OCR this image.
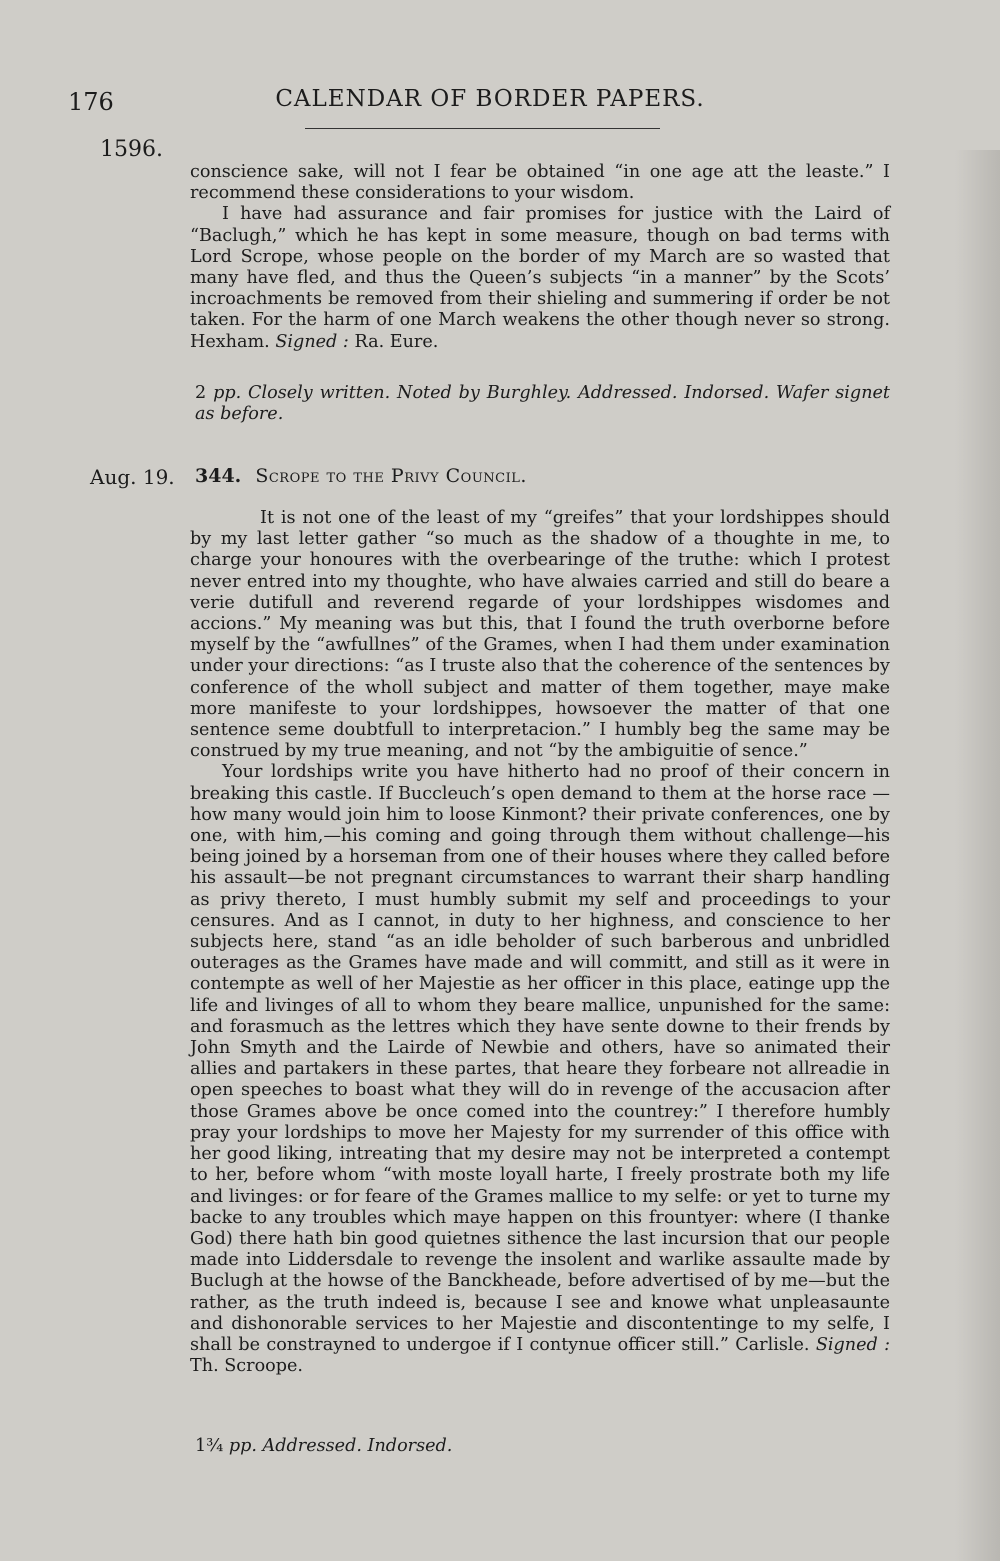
176	CALENDAR OF BORDER PAPERS.
1596.

conscience sake, will not I fear be obtained “in one age att the leaste.” I recommend these considerations to your wisdom.

I have had assurance and fair promises for justice with the Laird of “Baclugh,” which he has kept in some measure, though on bad terms with Lord Scrope, whose people on the border of my March are so wasted that many have fled, and thus the Queen’s subjects “in a manner” by the Scots’ incroachments be removed from their shieling and summering if order be not taken. For the harm of one March weakens the other though never so strong. Hexham. Signed : Ra. Eure.

2 pp. Closely written. Noted by Burghley. Addressed. Indorsed. Wafer signet as before.
Aug. 19. 344. Scrope to the Privy Council.

It is not one of the least of my “greifes” that your lordshippes should by my last letter gather “so much as the shadow of a thoughte in me, to charge your honoures with the overbearinge of the truthe: which I protest never entred into my thoughte, who have alwaies carried and still do beare a verie dutifull and reverend regarde of your lordshippes wisdomes and accions.” My meaning was but this, that I found the truth overborne before myself by the “awfullnes” of the Grames, when I had them under examination under your directions: “as I truste also that the coherence of the sentences by conference of the wholl subject and matter of them together, maye make more manifeste to your lordshippes, howsoever the matter of that one sentence seme doubtfull to interpretacion.” I humbly beg the same may be construed by my true meaning, and not “by the ambiguitie of sence.”

Your lordships write you have hitherto had no proof of their concern in breaking this castle. If Buccleuch’s open demand to them at the horse race —how many would join him to loose Kinmont? their private conferences, one by one, with him,—his coming and going through them without challenge—his being joined by a horseman from one of their houses where they called before his assault—be not pregnant circumstances to warrant their sharp handling as privy thereto, I must humbly submit my self and proceedings to your censures. And as I cannot, in duty to her highness, and conscience to her subjects here, stand “as an idle beholder of such barberous and unbridled outerages as the Grames have made and will committ, and still as it were in contempte as well of her Majestie as her officer in this place, eatinge upp the life and livinges of all to whom they beare mallice, unpunished for the same: and forasmuch as the lettres which they have sente downe to their frends by John Smyth and the Lairde of Newbie and others, have so animated their allies and partakers in these partes, that heare they forbeare not allreadie in open speeches to boast what they will do in revenge of the accusacion after those Grames above be once comed into the countrey:” I therefore humbly pray your lordships to move her Majesty for my surrender of this office with her good liking, intreating that my desire may not be interpreted a contempt to her, before whom “with moste loyall harte, I freely prostrate both my life and livinges: or for feare of the Grames mallice to my selfe: or yet to turne my backe to any troubles which maye happen on this frountyer: where (I thanke God) there hath bin good quietnes sithence the last incursion that our people made into Liddersdale to revenge the insolent and warlike assaulte made by Buclugh at the howse of the Banckheade, before advertised of by me—but the rather, as the truth indeed is, because I see and knowe what unpleasaunte and dishonorable services to her Majestie and discontentinge to my selfe, I shall be constrayned to undergoe if I contynue officer still.” Carlisle. Signed : Th. Scroope.

1¾ pp. Addressed. Indorsed.
